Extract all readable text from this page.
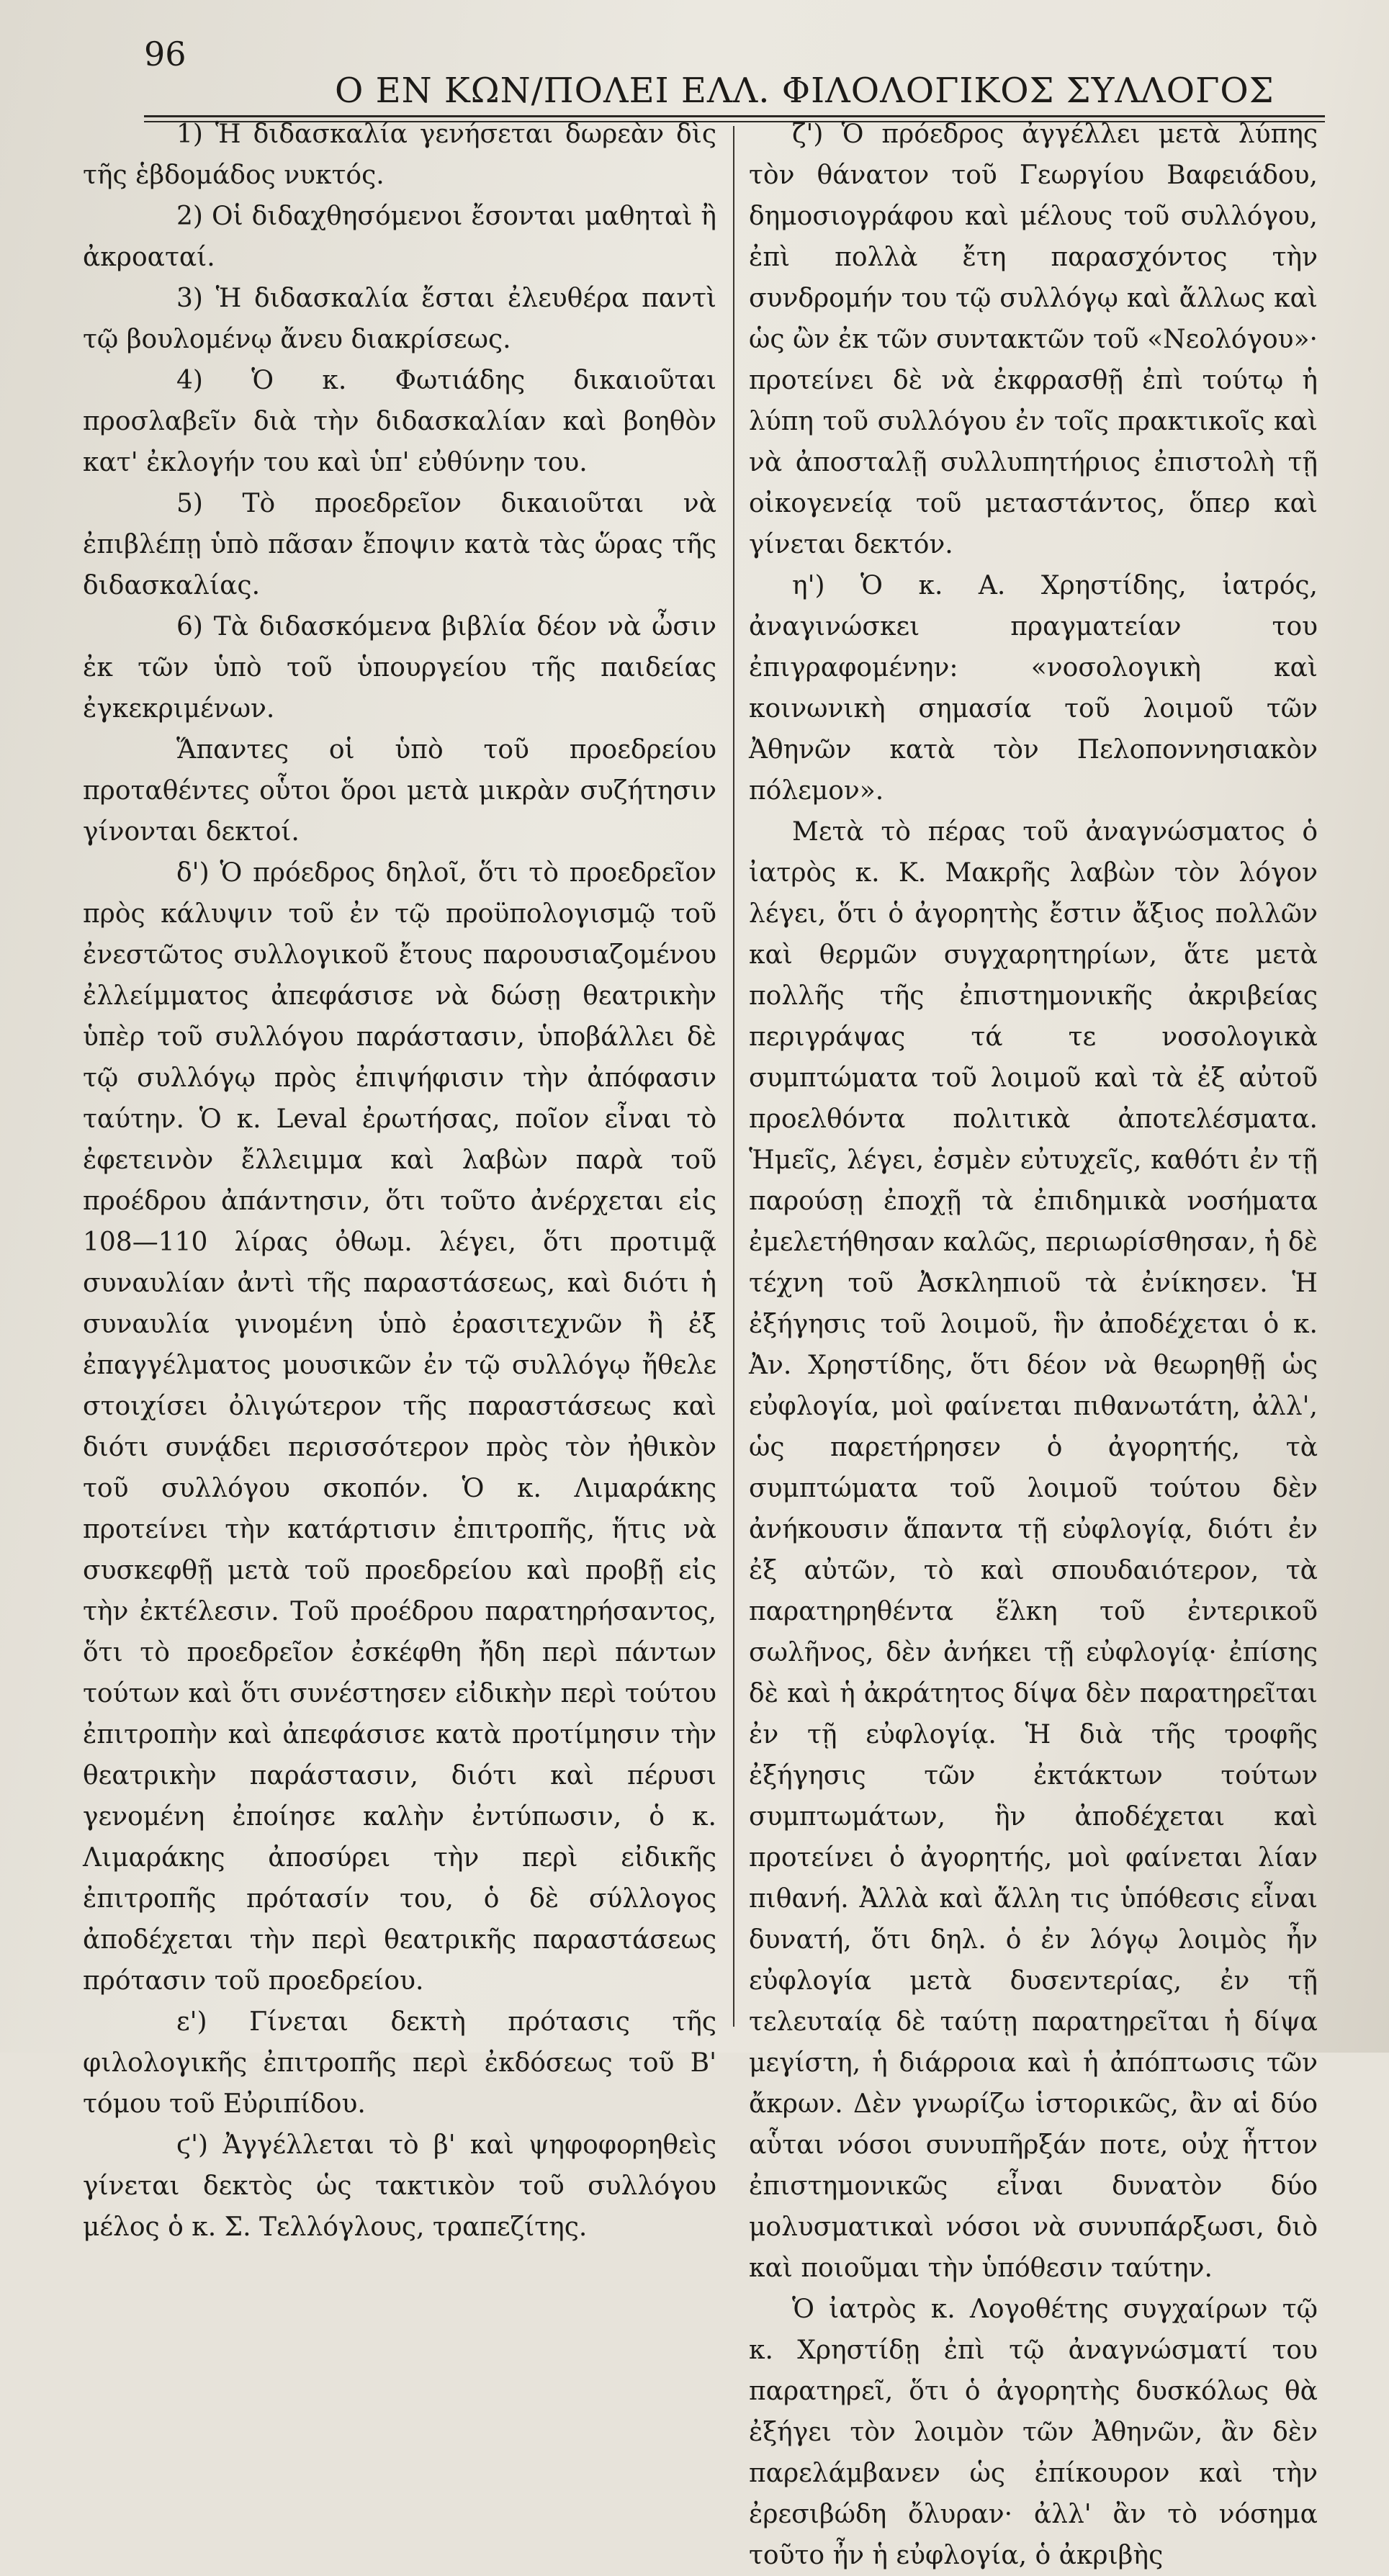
96
Ο ΕΝ ΚΩΝ/ΠΟΛΕΙ ΕΛΛ. ΦΙΛΟΛΟΓΙΚΟΣ ΣΥΛΛΟΓΟΣ

1) Ἡ διδασκαλία γενήσεται δωρεὰν δὶς τῆς ἑβδομάδος νυκτός.

2) Οἱ διδαχθησόμενοι ἔσονται μαθηταὶ ἢ ἀκροαταί.

3) Ἡ διδασκαλία ἔσται ἐλευθέρα παντὶ τῷ βουλομένῳ ἄνευ διακρίσεως.

4) Ὁ κ. Φωτιάδης δικαιοῦται προσλαβεῖν διὰ τὴν διδασκαλίαν καὶ βοηθὸν κατ' ἐκλογήν του καὶ ὑπ' εὐθύνην του.

5) Τὸ προεδρεῖον δικαιοῦται νὰ ἐπιβλέπῃ ὑπὸ πᾶσαν ἔποψιν κατὰ τὰς ὥρας τῆς διδασκαλίας.

6) Τὰ διδασκόμενα βιβλία δέον νὰ ὦσιν ἐκ τῶν ὑπὸ τοῦ ὑπουργείου τῆς παιδείας ἐγκεκριμένων.

Ἅπαντες οἱ ὑπὸ τοῦ προεδρείου προταθέντες οὗτοι ὅροι μετὰ μικρὰν συζήτησιν γίνονται δεκτοί.

δ') Ὁ πρόεδρος δηλοῖ, ὅτι τὸ προεδρεῖον πρὸς κάλυψιν τοῦ ἐν τῷ προϋπολογισμῷ τοῦ ἐνεστῶτος συλλογικοῦ ἔτους παρουσιαζομένου ἐλλείμματος ἀπεφάσισε νὰ δώσῃ θεατρικὴν ὑπὲρ τοῦ συλλόγου παράστασιν, ὑποβάλλει δὲ τῷ συλλόγῳ πρὸς ἐπιψήφισιν τὴν ἀπόφασιν ταύτην. Ὁ κ. Leval ἐρωτήσας, ποῖον εἶναι τὸ ἐφετεινὸν ἔλλειμμα καὶ λαβὼν παρὰ τοῦ προέδρου ἀπάντησιν, ὅτι τοῦτο ἀνέρχεται εἰς 108—110 λίρας ὀθωμ. λέγει, ὅτι προτιμᾷ συναυλίαν ἀντὶ τῆς παραστάσεως, καὶ διότι ἡ συναυλία γινομένη ὑπὸ ἐρασιτεχνῶν ἢ ἐξ ἐπαγγέλματος μουσικῶν ἐν τῷ συλλόγῳ ἤθελε στοιχίσει ὀλιγώτερον τῆς παραστάσεως καὶ διότι συνᾴδει περισσότερον πρὸς τὸν ἠθικὸν τοῦ συλλόγου σκοπόν. Ὁ κ. Λιμαράκης προτείνει τὴν κατάρτισιν ἐπιτροπῆς, ἥτις νὰ συσκεφθῇ μετὰ τοῦ προεδρείου καὶ προβῇ εἰς τὴν ἐκτέλεσιν. Τοῦ προέδρου παρατηρήσαντος, ὅτι τὸ προεδρεῖον ἐσκέφθη ἤδη περὶ πάντων τούτων καὶ ὅτι συνέστησεν εἰδικὴν περὶ τούτου ἐπιτροπὴν καὶ ἀπεφάσισε κατὰ προτίμησιν τὴν θεατρικὴν παράστασιν, διότι καὶ πέρυσι γενομένη ἐποίησε καλὴν ἐντύπωσιν, ὁ κ. Λιμαράκης ἀποσύρει τὴν περὶ εἰδικῆς ἐπιτροπῆς πρότασίν του, ὁ δὲ σύλλογος ἀποδέχεται τὴν περὶ θεατρικῆς παραστάσεως πρότασιν τοῦ προεδρείου.

ε') Γίνεται δεκτὴ πρότασις τῆς φιλολογικῆς ἐπιτροπῆς περὶ ἐκδόσεως τοῦ Β' τόμου τοῦ Εὐριπίδου.

ϛ') Ἀγγέλλεται τὸ β' καὶ ψηφοφορηθεὶς γίνεται δεκτὸς ὡς τακτικὸν τοῦ συλλόγου μέλος ὁ κ. Σ. Τελλόγλους, τραπεζίτης.

ζ') Ὁ πρόεδρος ἀγγέλλει μετὰ λύπης τὸν θάνατον τοῦ Γεωργίου Βαφειάδου, δημοσιογράφου καὶ μέλους τοῦ συλλόγου, ἐπὶ πολλὰ ἔτη παρασχόντος τὴν συνδρομήν του τῷ συλλόγῳ καὶ ἄλλως καὶ ὡς ὢν ἐκ τῶν συντακτῶν τοῦ «Νεολόγου»· προτείνει δὲ νὰ ἐκφρασθῇ ἐπὶ τούτῳ ἡ λύπη τοῦ συλλόγου ἐν τοῖς πρακτικοῖς καὶ νὰ ἀποσταλῇ συλλυπητήριος ἐπιστολὴ τῇ οἰκογενείᾳ τοῦ μεταστάντος, ὅπερ καὶ γίνεται δεκτόν.

η') Ὁ κ. Α. Χρηστίδης, ἰατρός, ἀναγινώσκει πραγματείαν του ἐπιγραφομένην: «νοσολογικὴ καὶ κοινωνικὴ σημασία τοῦ λοιμοῦ τῶν Ἀθηνῶν κατὰ τὸν Πελοποννησιακὸν πόλεμον».

Μετὰ τὸ πέρας τοῦ ἀναγνώσματος ὁ ἰατρὸς κ. Κ. Μακρῆς λαβὼν τὸν λόγον λέγει, ὅτι ὁ ἀγορητὴς ἔστιν ἄξιος πολλῶν καὶ θερμῶν συγχαρητηρίων, ἅτε μετὰ πολλῆς τῆς ἐπιστημονικῆς ἀκριβείας περιγράψας τά τε νοσολογικὰ συμπτώματα τοῦ λοιμοῦ καὶ τὰ ἐξ αὐτοῦ προελθόντα πολιτικὰ ἀποτελέσματα. Ἡμεῖς, λέγει, ἐσμὲν εὐτυχεῖς, καθότι ἐν τῇ παρούσῃ ἐποχῇ τὰ ἐπιδημικὰ νοσήματα ἐμελετήθησαν καλῶς, περιωρίσθησαν, ἡ δὲ τέχνη τοῦ Ἀσκληπιοῦ τὰ ἐνίκησεν. Ἡ ἐξήγησις τοῦ λοιμοῦ, ἣν ἀποδέχεται ὁ κ. Ἀν. Χρηστίδης, ὅτι δέον νὰ θεωρηθῇ ὡς εὐφλογία, μοὶ φαίνεται πιθανωτάτη, ἀλλ', ὡς παρετήρησεν ὁ ἀγορητής, τὰ συμπτώματα τοῦ λοιμοῦ τούτου δὲν ἀνήκουσιν ἅπαντα τῇ εὐφλογίᾳ, διότι ἐν ἐξ αὐτῶν, τὸ καὶ σπουδαιότερον, τὰ παρατηρηθέντα ἕλκη τοῦ ἐντερικοῦ σωλῆνος, δὲν ἀνήκει τῇ εὐφλογίᾳ· ἐπίσης δὲ καὶ ἡ ἀκράτητος δίψα δὲν παρατηρεῖται ἐν τῇ εὐφλογίᾳ. Ἡ διὰ τῆς τροφῆς ἐξήγησις τῶν ἐκτάκτων τούτων συμπτωμάτων, ἣν ἀποδέχεται καὶ προτείνει ὁ ἀγορητής, μοὶ φαίνεται λίαν πιθανή. Ἀλλὰ καὶ ἄλλη τις ὑπόθεσις εἶναι δυνατή, ὅτι δηλ. ὁ ἐν λόγῳ λοιμὸς ἦν εὐφλογία μετὰ δυσεντερίας, ἐν τῇ τελευταίᾳ δὲ ταύτῃ παρατηρεῖται ἡ δίψα μεγίστη, ἡ διάρροια καὶ ἡ ἀπόπτωσις τῶν ἄκρων. Δὲν γνωρίζω ἱστορικῶς, ἂν αἱ δύο αὗται νόσοι συνυπῆρξάν ποτε, οὐχ ἧττον ἐπιστημονικῶς εἶναι δυνατὸν δύο μολυσματικαὶ νόσοι νὰ συνυπάρξωσι, διὸ καὶ ποιοῦμαι τὴν ὑπόθεσιν ταύτην.

Ὁ ἰατρὸς κ. Λογοθέτης συγχαίρων τῷ κ. Χρηστίδῃ ἐπὶ τῷ ἀναγνώσματί του παρατηρεῖ, ὅτι ὁ ἀγορητὴς δυσκόλως θὰ ἐξήγει τὸν λοιμὸν τῶν Ἀθηνῶν, ἂν δὲν παρελάμβανεν ὡς ἐπίκουρον καὶ τὴν ἐρεσιβώδη ὄλυραν· ἀλλ' ἂν τὸ νόσημα τοῦτο ἦν ἡ εὐφλογία, ὁ ἀκριβὴς
